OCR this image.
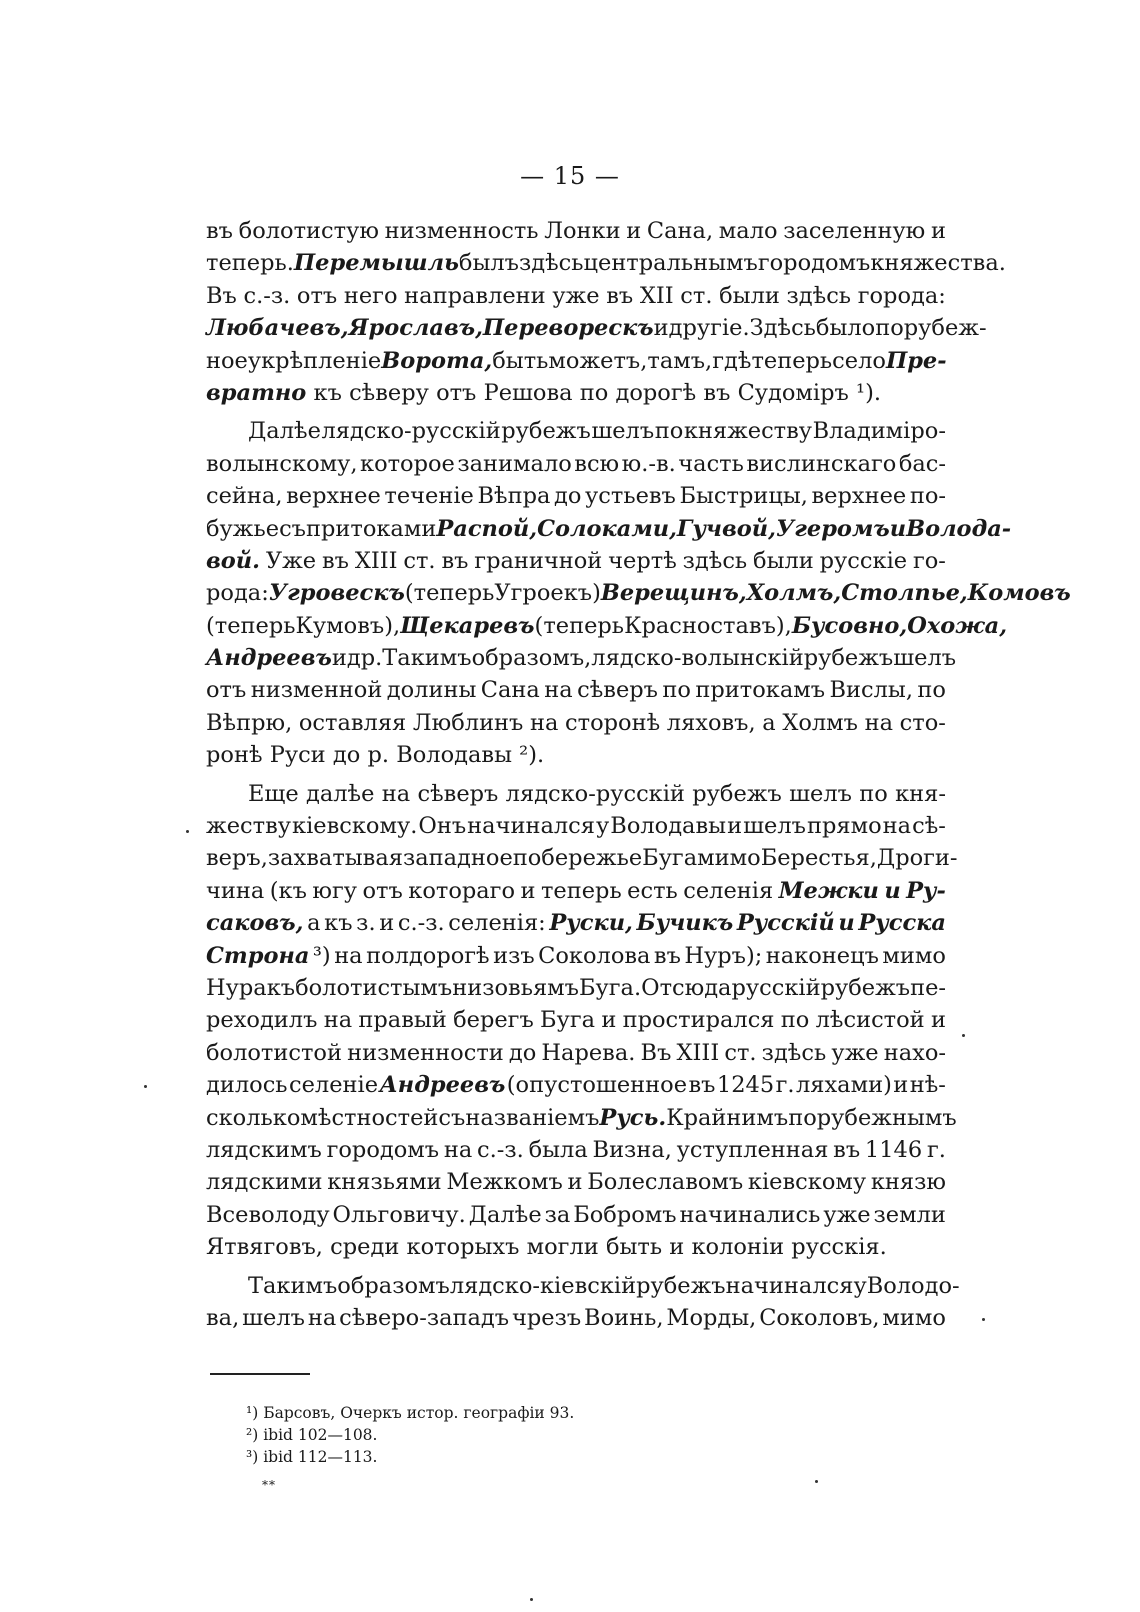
— 15 —
въ болотистую низменность Лонки и Сана, мало заселенную и
теперь. Перемышль былъ здѣсь центральнымъ городомъ княжества.
Въ с.-з. отъ него направлени уже въ XII ст. были здѣсь города:
Любачевъ, Ярославъ, Переворескъ и другіе. Здѣсь было порубеж-
ное укрѣпленіе Ворота, быть можетъ, тамъ, гдѣ теперь село Пре-
вратно къ сѣверу отъ Решова по дорогѣ въ Судоміръ ¹).
Далѣе лядско-русскій рубежъ шелъ по княжеству Владиміро-
волынскому, которое занимало всю ю.-в. часть вислинскаго бас-
сейна, верхнее теченіе Вѣпра до устьевъ Быстрицы, верхнее по-
бужье съ притоками Распой, Солоками, Гучвой, Угеромъ и Володa-
вой. Уже въ XIII ст. въ граничной чертѣ здѣсь были русскіе го-
рода: Угровескъ (теперь Угроекъ) Верещинъ, Холмъ, Столпье, Комовъ
(теперь Кумовъ), Щекаревъ (теперь Красноставъ), Бусовно, Охожа,
Андреевъ и др. Такимъ образомъ, лядско-волынскій рубежъ шелъ
отъ низменной долины Сана на сѣверъ по притокамъ Вислы, по
Вѣпрю, оставляя Люблинъ на сторонѣ ляховъ, а Холмъ на сто-
ронѣ Руси до р. Володавы ²).
Еще далѣе на сѣверъ лядско-русскій рубежъ шелъ по кня-
жеству кіевскому. Онъ начинался у Володавы и шелъ прямо на сѣ-
веръ, захватывая западное побережье Буга мимо Берестья, Дроги-
чина (къ югу отъ котораго и теперь есть селенія Межки и Ру-
саковъ, а къ з. и с.-з. селенія: Руски, Бучикъ Русскій и Русска
Строна ³) на полдорогѣ изъ Соколова въ Нуръ); наконецъ мимо
Нура къ болотистымъ низовьямъ Буга. Отсюда русскій рубежъ пе-
реходилъ на правый берегъ Буга и простирался по лѣсистой и
болотистой низменности до Нарева. Въ XIII ст. здѣсь уже нахо-
дилось селеніе Андреевъ (опустошенное въ 1245 г. ляхами) и нѣ-
сколько мѣстностей съ названіемъ Русь. Крайнимъ порубежнымъ
лядскимъ городомъ на с.-з. была Визна, уступленная въ 1146 г.
лядскими князьями Межкомъ и Болеславомъ кіевскому князю
Всеволоду Ольговичу. Далѣе за Бобромъ начинались уже земли
Ятвяговъ, среди которыхъ могли быть и колоніи русскія.
Такимъ образомъ лядско-кіевскій рубежъ начинался у Володо-
ва, шелъ на сѣверо-западъ чрезъ Воинь, Морды, Соколовъ, мимо
¹) Барсовъ, Очеркъ истор. географіи 93.
²) ibid 102—108.
³) ibid 112—113.
**
